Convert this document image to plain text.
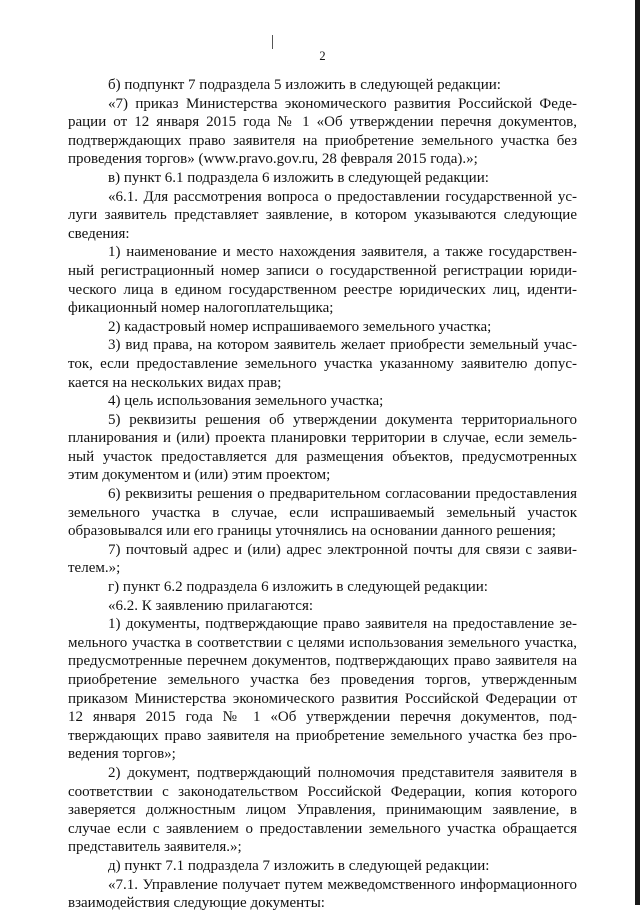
2

б) подпункт 7 подраздела 5 изложить в следующей редакции:

«7) приказ Министерства экономического развития Российской Федерации от 12 января 2015 года № 1 «Об утверждении перечня документов, подтверждающих право заявителя на приобретение земельного участка без проведения торгов» (www.pravo.gov.ru, 28 февраля 2015 года).»;

в) пункт 6.1 подраздела 6 изложить в следующей редакции:

«6.1. Для рассмотрения вопроса о предоставлении государственной услуги заявитель представляет заявление, в котором указываются следующие сведения:

1) наименование и место нахождения заявителя, а также государственный регистрационный номер записи о государственной регистрации юридического лица в едином государственном реестре юридических лиц, идентификационный номер налогоплательщика;

2) кадастровый номер испрашиваемого земельного участка;

3) вид права, на котором заявитель желает приобрести земельный участок, если предоставление земельного участка указанному заявителю допускается на нескольких видах прав;

4) цель использования земельного участка;

5) реквизиты решения об утверждении документа территориального планирования и (или) проекта планировки территории в случае, если земельный участок предоставляется для размещения объектов, предусмотренных этим документом и (или) этим проектом;

6) реквизиты решения о предварительном согласовании предоставления земельного участка в случае, если испрашиваемый земельный участок образовывался или его границы уточнялись на основании данного решения;

7) почтовый адрес и (или) адрес электронной почты для связи с заявителем.»;

г) пункт 6.2 подраздела 6 изложить в следующей редакции:

«6.2. К заявлению прилагаются:

1) документы, подтверждающие право заявителя на предоставление земельного участка в соответствии с целями использования земельного участка, предусмотренные перечнем документов, подтверждающих право заявителя на приобретение земельного участка без проведения торгов, утвержденным приказом Министерства экономического развития Российской Федерации от 12 января 2015 года № 1 «Об утверждении перечня документов, подтверждающих право заявителя на приобретение земельного участка без проведения торгов»;

2) документ, подтверждающий полномочия представителя заявителя в соответствии с законодательством Российской Федерации, копия которого заверяется должностным лицом Управления, принимающим заявление, в случае если с заявлением о предоставлении земельного участка обращается представитель заявителя.»;

д) пункт 7.1 подраздела 7 изложить в следующей редакции:

«7.1. Управление получает путем межведомственного информационного взаимодействия следующие документы:
